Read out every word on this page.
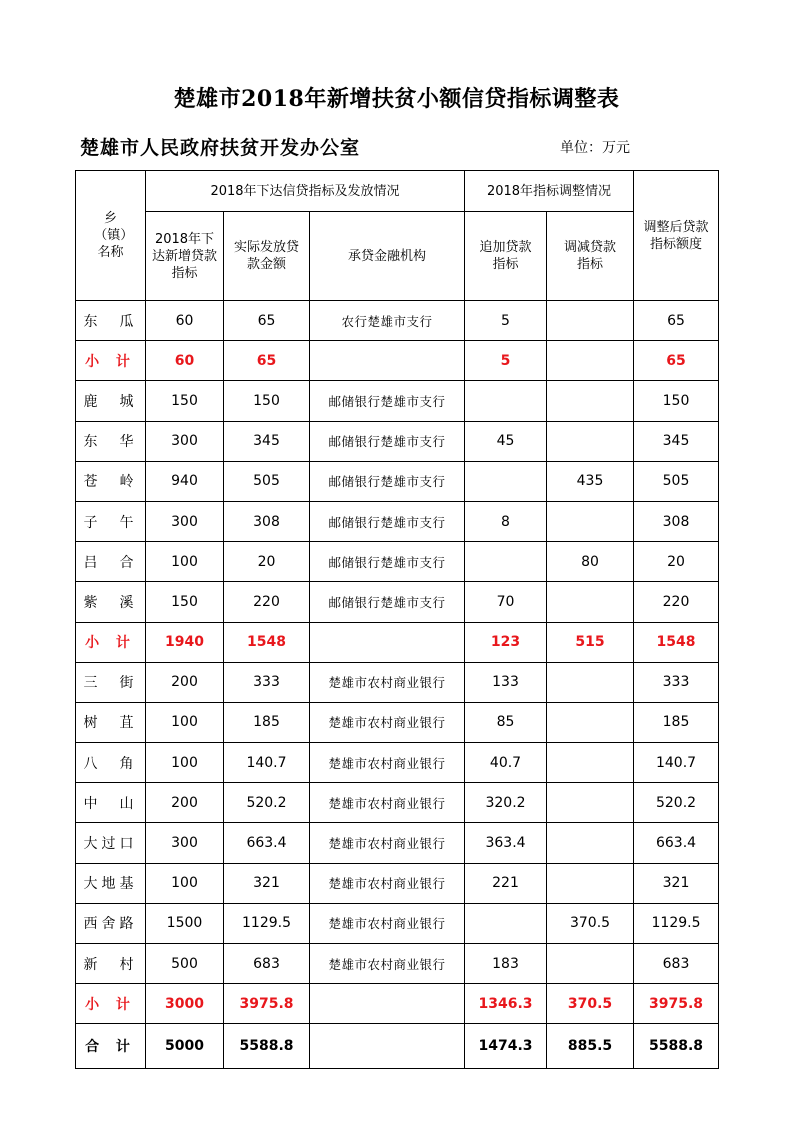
楚雄市2018年新增扶贫小额信贷指标调整表
楚雄市人民政府扶贫开发办公室	单位：万元
乡（镇）名称	2018年下达信贷指标及发放情况			2018年指标调整情况		调整后贷款指标额度
	2018年下达新增贷款指标	实际发放贷款金额	承贷金融机构	追加贷款指标	调减贷款指标	
东　瓜	60	65	农行楚雄市支行	5		65
小 计	60	65		5		65
鹿　城	150	150	邮储银行楚雄市支行			150
东　华	300	345	邮储银行楚雄市支行	45		345
苍　岭	940	505	邮储银行楚雄市支行		435	505
子　午	300	308	邮储银行楚雄市支行	8		308
吕　合	100	20	邮储银行楚雄市支行		80	20
紫　溪	150	220	邮储银行楚雄市支行	70		220
小 计	1940	1548		123	515	1548
三　街	200	333	楚雄市农村商业银行	133		333
树　苴	100	185	楚雄市农村商业银行	85		185
八　角	100	140.7	楚雄市农村商业银行	40.7		140.7
中　山	200	520.2	楚雄市农村商业银行	320.2		520.2
大过口	300	663.4	楚雄市农村商业银行	363.4		663.4
大地基	100	321	楚雄市农村商业银行	221		321
西舍路	1500	1129.5	楚雄市农村商业银行		370.5	1129.5
新　村	500	683	楚雄市农村商业银行	183		683
小 计	3000	3975.8		1346.3	370.5	3975.8
合 计	5000	5588.8		1474.3	885.5	5588.8
